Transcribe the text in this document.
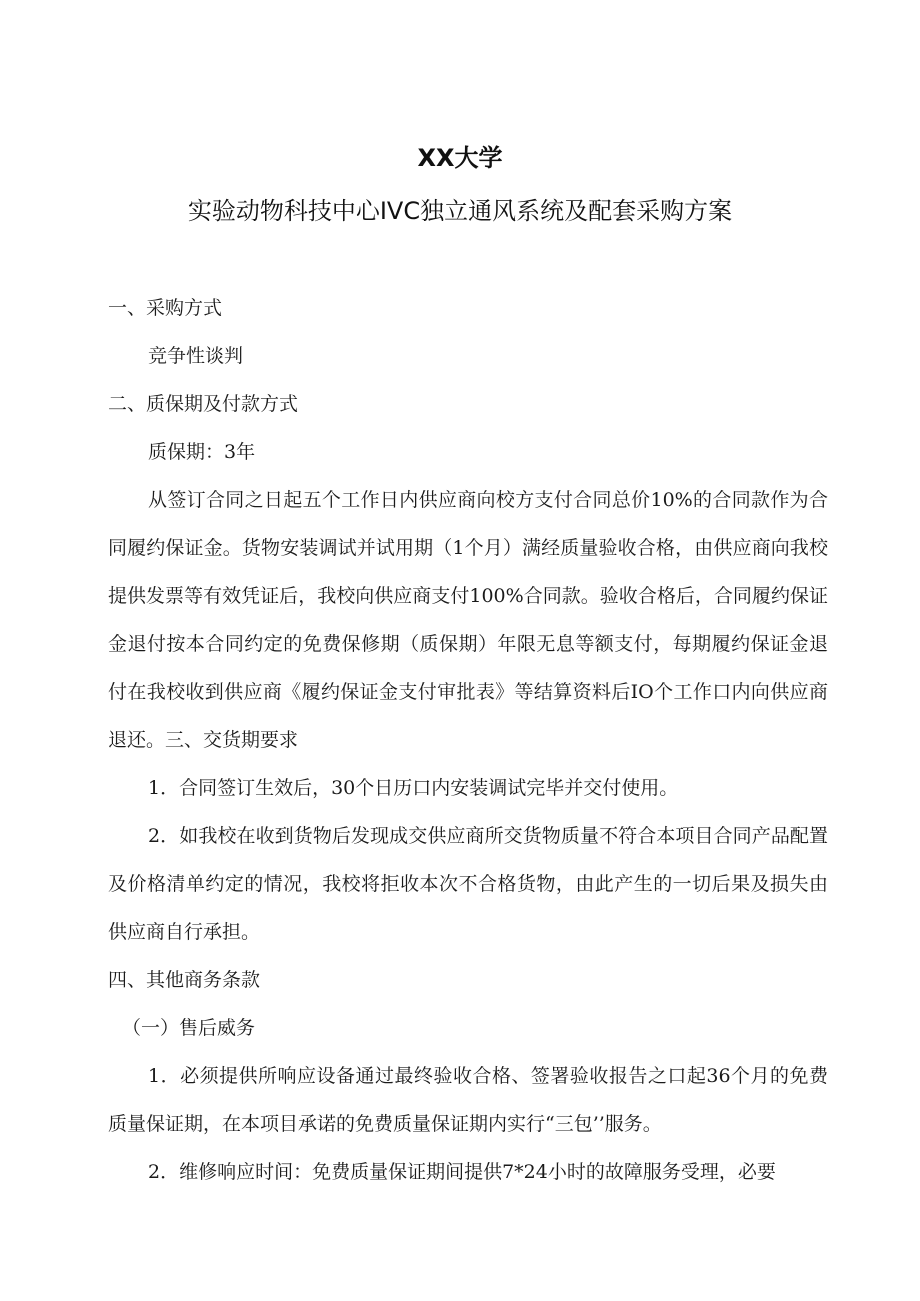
XX大学
实验动物科技中心IVC独立通风系统及配套采购方案

一、采购方式

竞争性谈判

二、质保期及付款方式

质保期：3年

从签订合同之日起五个工作日内供应商向校方支付合同总价10%的合同款作为合同履约保证金。货物安装调试并试用期（1个月）满经质量验收合格，由供应商向我校提供发票等有效凭证后，我校向供应商支付100%合同款。验收合格后，合同履约保证金退付按本合同约定的免费保修期（质保期）年限无息等额支付，每期履约保证金退付在我校收到供应商《履约保证金支付审批表》等结算资料后IO个工作口内向供应商退还。三、交货期要求

1．合同签订生效后，30个日历口内安装调试完毕并交付使用。

2．如我校在收到货物后发现成交供应商所交货物质量不符合本项目合同产品配置及价格清单约定的情况，我校将拒收本次不合格货物，由此产生的一切后果及损失由供应商自行承担。

四、其他商务条款

（一）售后威务

1．必须提供所响应设备通过最终验收合格、签署验收报告之口起36个月的免费质量保证期，在本项目承诺的免费质量保证期内实行“三包’’服务。

2．维修响应时间：免费质量保证期间提供7*24小时的故障服务受理，必要
